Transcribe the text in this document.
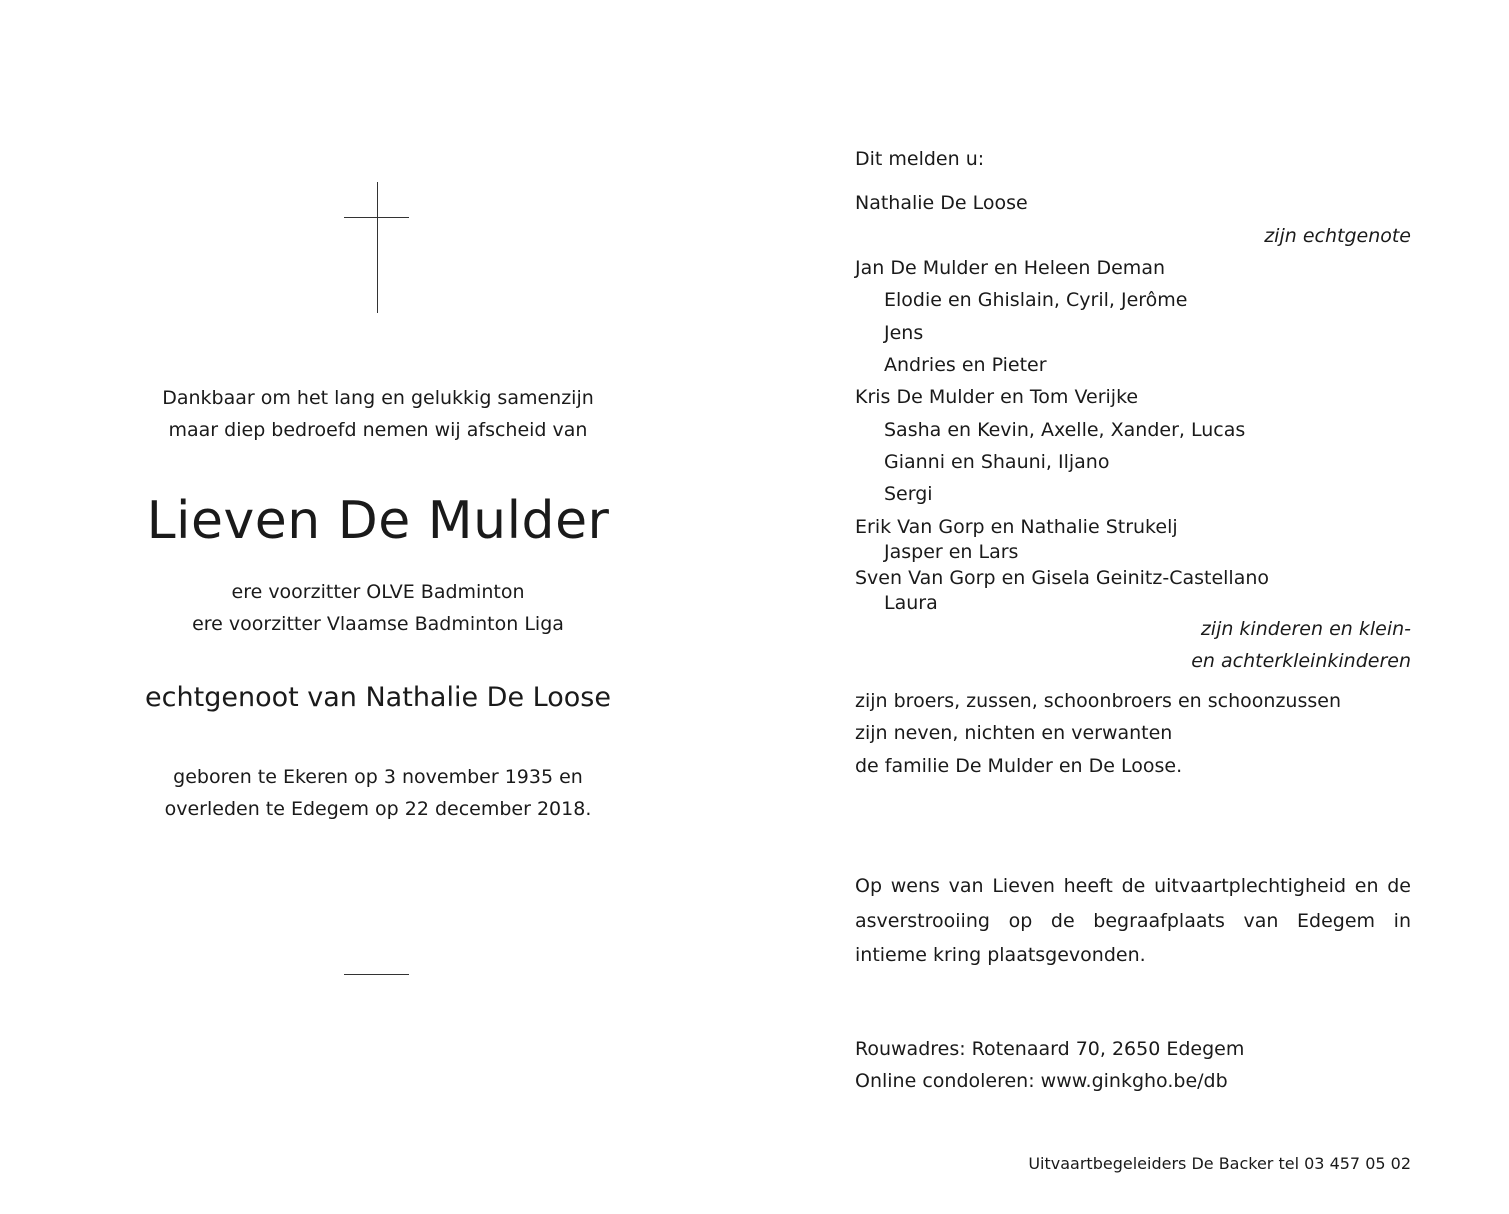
Dankbaar om het lang en gelukkig samenzijn
maar diep bedroefd nemen wij afscheid van
Lieven De Mulder
ere voorzitter OLVE Badminton
ere voorzitter Vlaamse Badminton Liga
echtgenoot van Nathalie De Loose
geboren te Ekeren op 3 november 1935 en
overleden te Edegem op 22 december 2018.
Dit melden u:
Nathalie De Loose
zijn echtgenote
Jan De Mulder en Heleen Deman
Elodie en Ghislain, Cyril, Jerôme
Jens
Andries en Pieter
Kris De Mulder en Tom Verijke
Sasha en Kevin, Axelle, Xander, Lucas
Gianni en Shauni, Iljano
Sergi
Erik Van Gorp en Nathalie Strukelj
Jasper en Lars
Sven Van Gorp en Gisela Geinitz-Castellano
Laura
zijn kinderen en klein-
en achterkleinkinderen
zijn broers, zussen, schoonbroers en schoonzussen
zijn neven, nichten en verwanten
de familie De Mulder en De Loose.
Op wens van Lieven heeft de uitvaartplechtigheid en de asverstrooiing op de begraafplaats van Edegem in intieme kring plaatsgevonden.
Rouwadres: Rotenaard 70, 2650 Edegem
Online condoleren: www.ginkgho.be/db
Uitvaartbegeleiders De Backer tel 03 457 05 02
